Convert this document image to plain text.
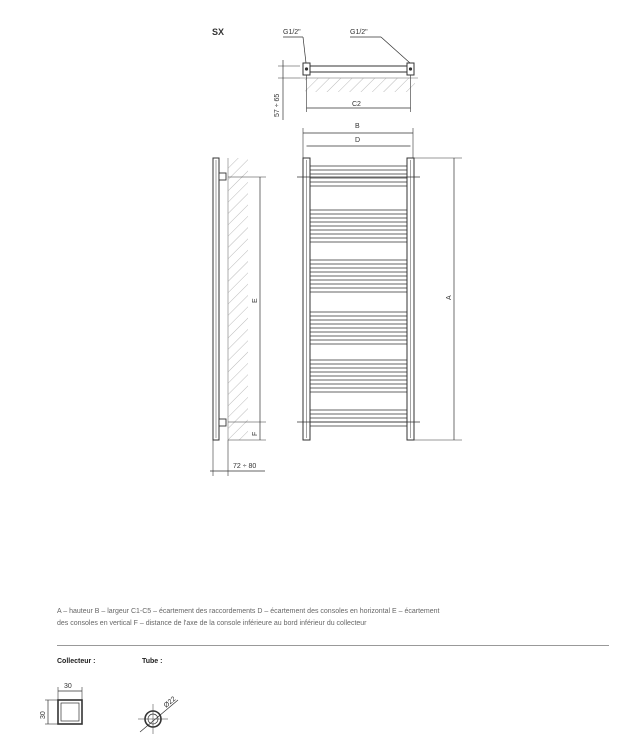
SX	G1/2"	G1/2"
57 ÷ 65	C2
B
D
A
E
F
72 ÷ 80
30
30
Ø22
A – hauteur B – largeur C1-C5 – écartement des raccordements D – écartement des consoles en horizontal E – écartement
des consoles en vertical F – distance de l'axe de la console inférieure au bord inférieur du collecteur
Collecteur :	Tube :
